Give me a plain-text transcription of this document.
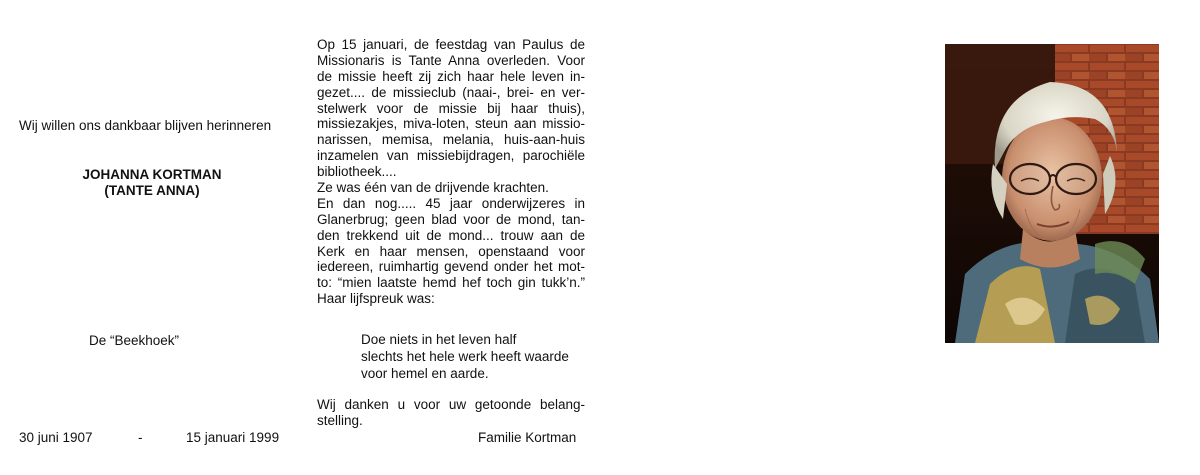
Wij willen ons dankbaar blijven herinneren
JOHANNA KORTMAN
(TANTE ANNA)
De “Beekhoek”
30 juni 1907	-	15 januari 1999
Op 15 januari, de feestdag van Paulus de
Missionaris is Tante Anna overleden. Voor
de missie heeft zij zich haar hele leven in-
gezet.... de missieclub (naai-, brei- en ver-
stelwerk voor de missie bij haar thuis),
missiezakjes, miva-loten, steun aan missio-
narissen, memisa, melania, huis-aan-huis
inzamelen van missiebijdragen, parochiële
bibliotheek....
Ze was één van de drijvende krachten.
En dan nog..... 45 jaar onderwijzeres in
Glanerbrug; geen blad voor de mond, tan-
den trekkend uit de mond... trouw aan de
Kerk en haar mensen, openstaand voor
iedereen, ruimhartig gevend onder het mot-
to: “mien laatste hemd hef toch gin tukk’n.”
Haar lijfspreuk was:
Doe niets in het leven half
slechts het hele werk heeft waarde
voor hemel en aarde.
Wij danken u voor uw getoonde belang-
stelling.
Familie Kortman
